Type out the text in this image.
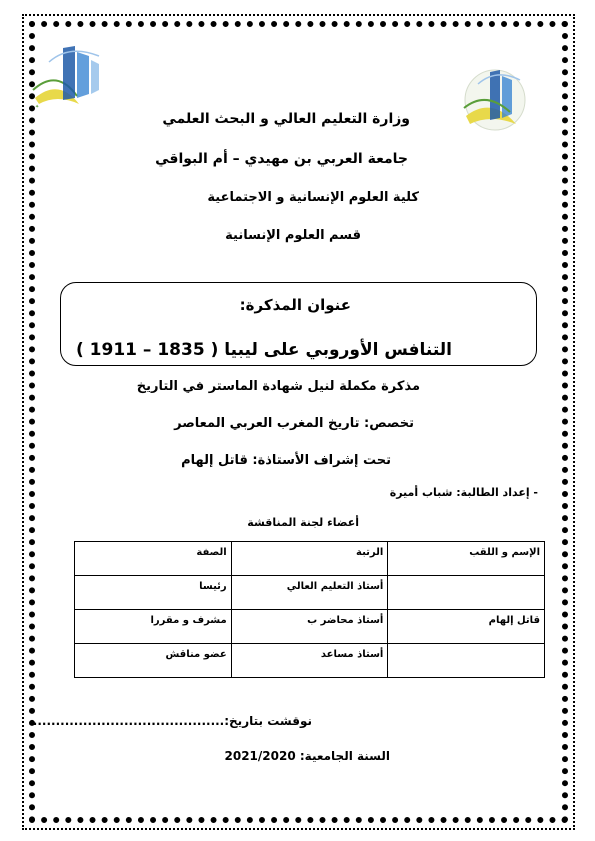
✦
وزارة التعليم العالي و البحث العلمي
جامعة العربي بن مهيدي – أم البواقي
كلية العلوم الإنسانية و الاجتماعية
قسم العلوم الإنسانية
عنوان المذكرة:
التنافس الأوروبي على ليبيا ( 1835 – 1911 )
مذكرة مكملة لنيل شهادة الماستر في التاريخ
تخصص: تاريخ المغرب العربي المعاصر
تحت إشراف الأستاذة: قاتل إلهام
- إعداد الطالبة: شباب أميرة
أعضاء لجنة المناقشة
الإسم و اللقب	الرتبة	الصفة
	أستاذ التعليم العالي	رئيسا
قاتل إلهام	أستاذ محاضر ب	مشرف و مقررا
	أستاذ مساعد	عضو مناقش
نوقشت بتاريخ:...........................................
السنة الجامعية: 2021/2020
